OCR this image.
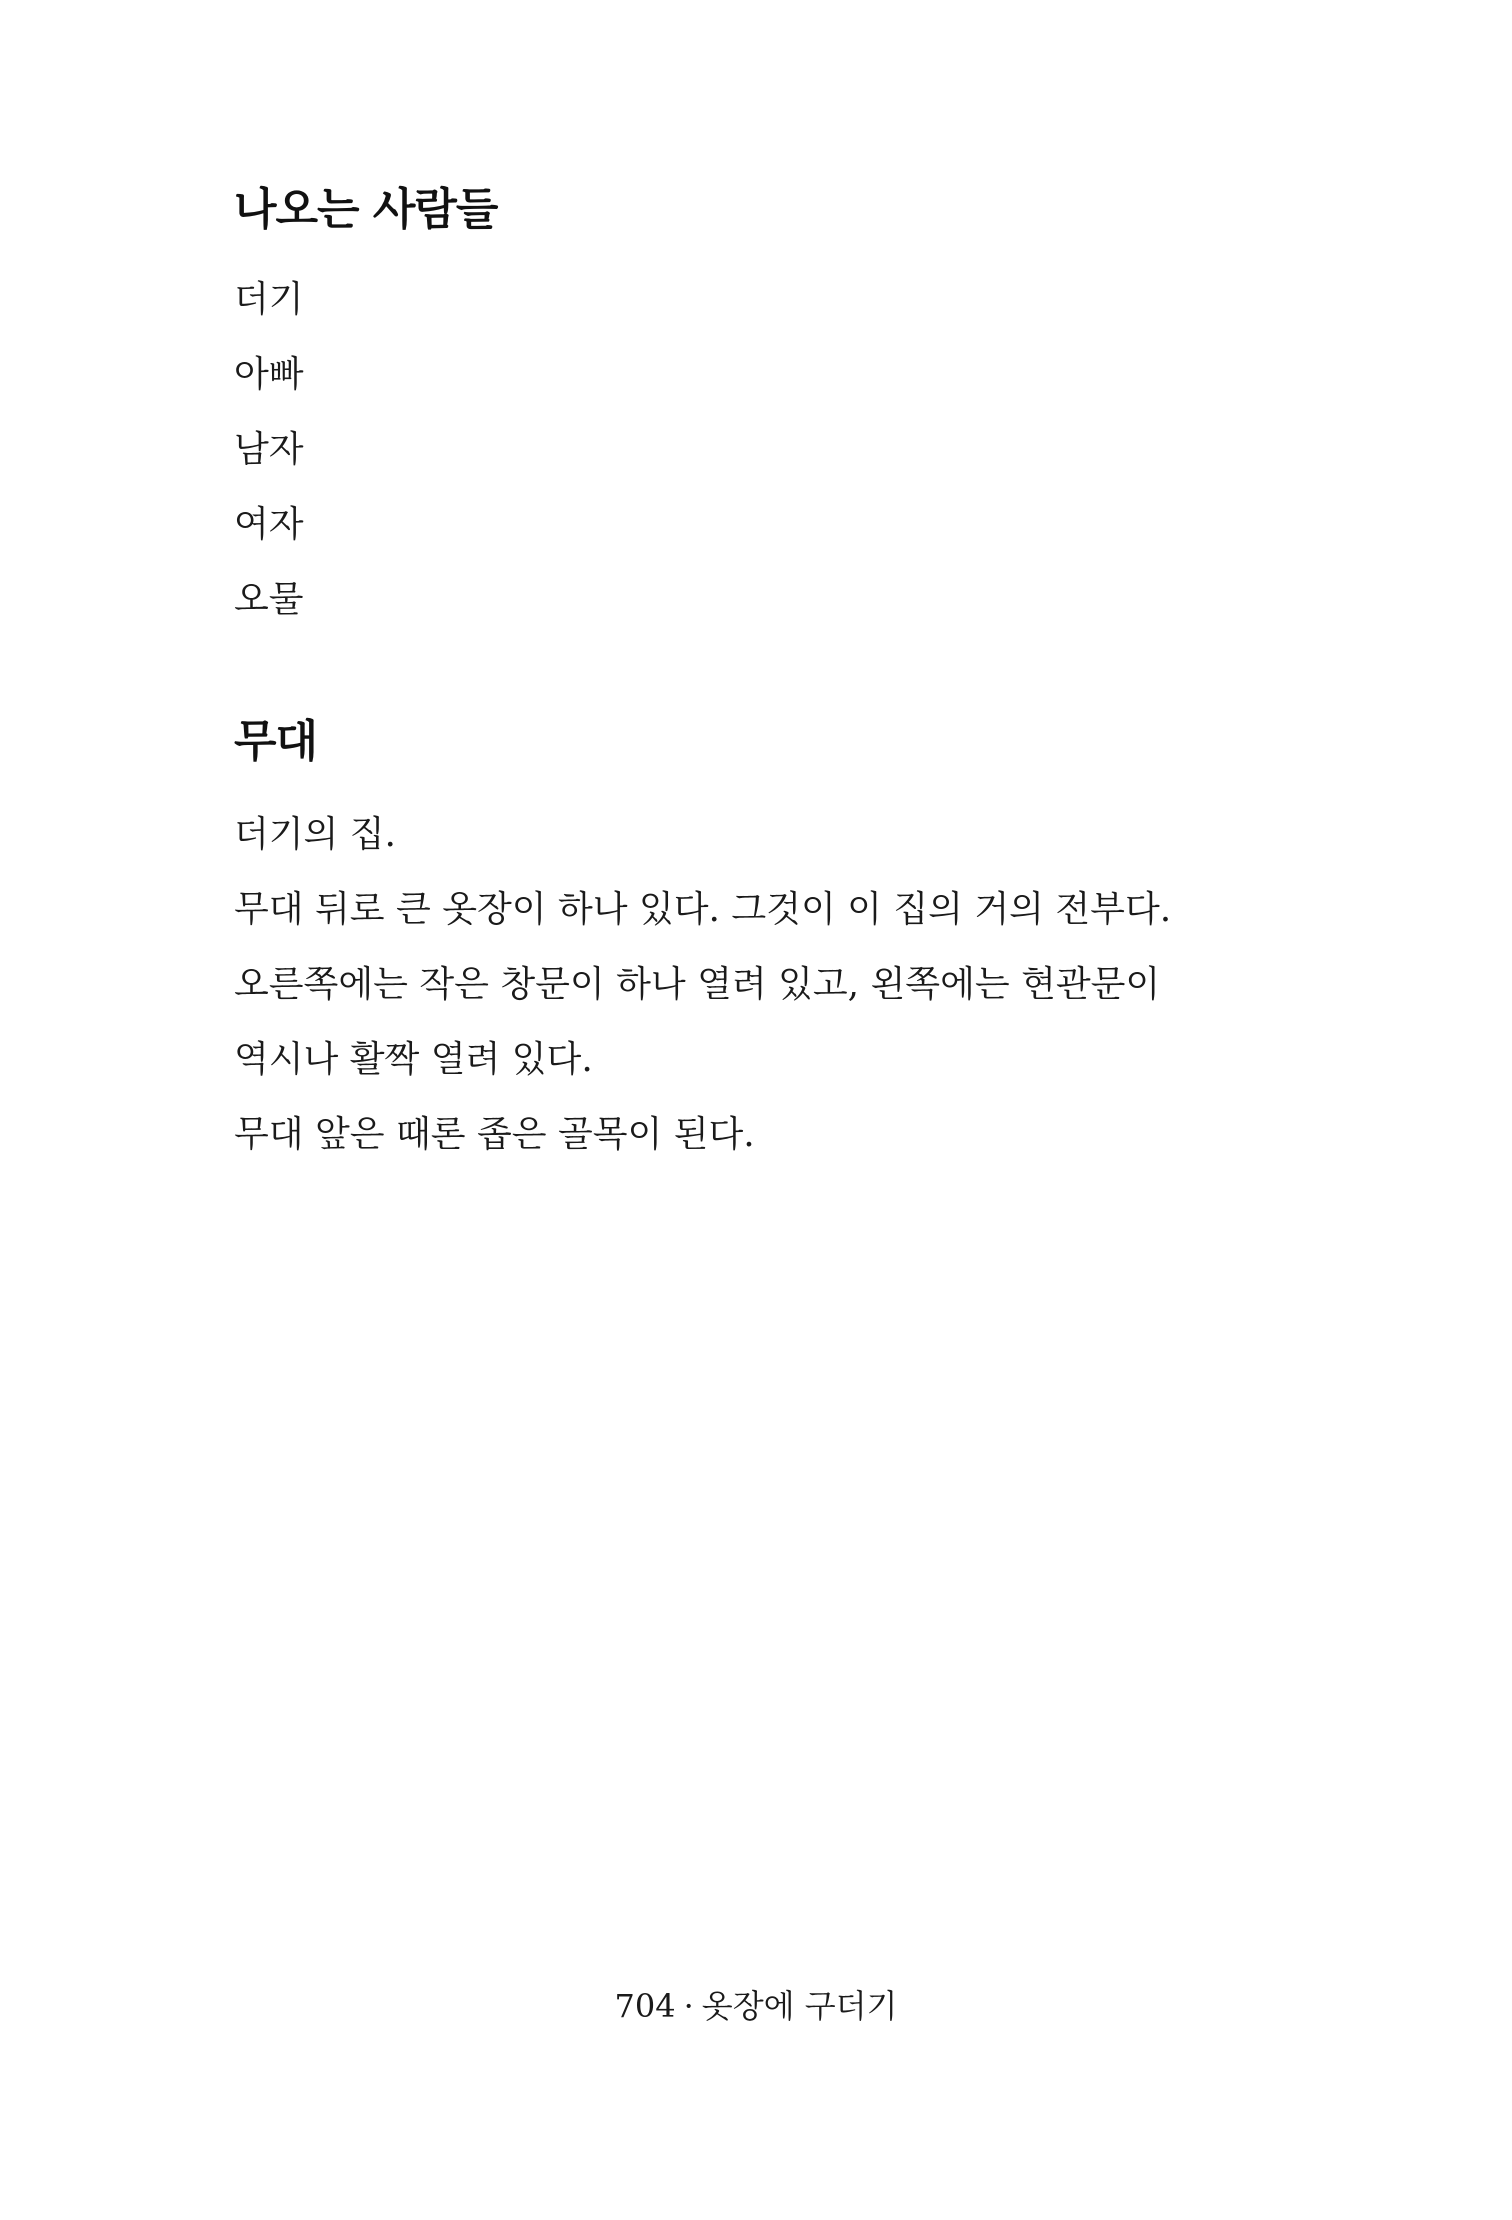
나오는 사람들
더기
아빠
남자
여자
오물
무대
더기의 집.
무대 뒤로 큰 옷장이 하나 있다. 그것이 이 집의 거의 전부다.
오른쪽에는 작은 창문이 하나 열려 있고, 왼쪽에는 현관문이
역시나 활짝 열려 있다.
무대 앞은 때론 좁은 골목이 된다.
704 · 옷장에 구더기
